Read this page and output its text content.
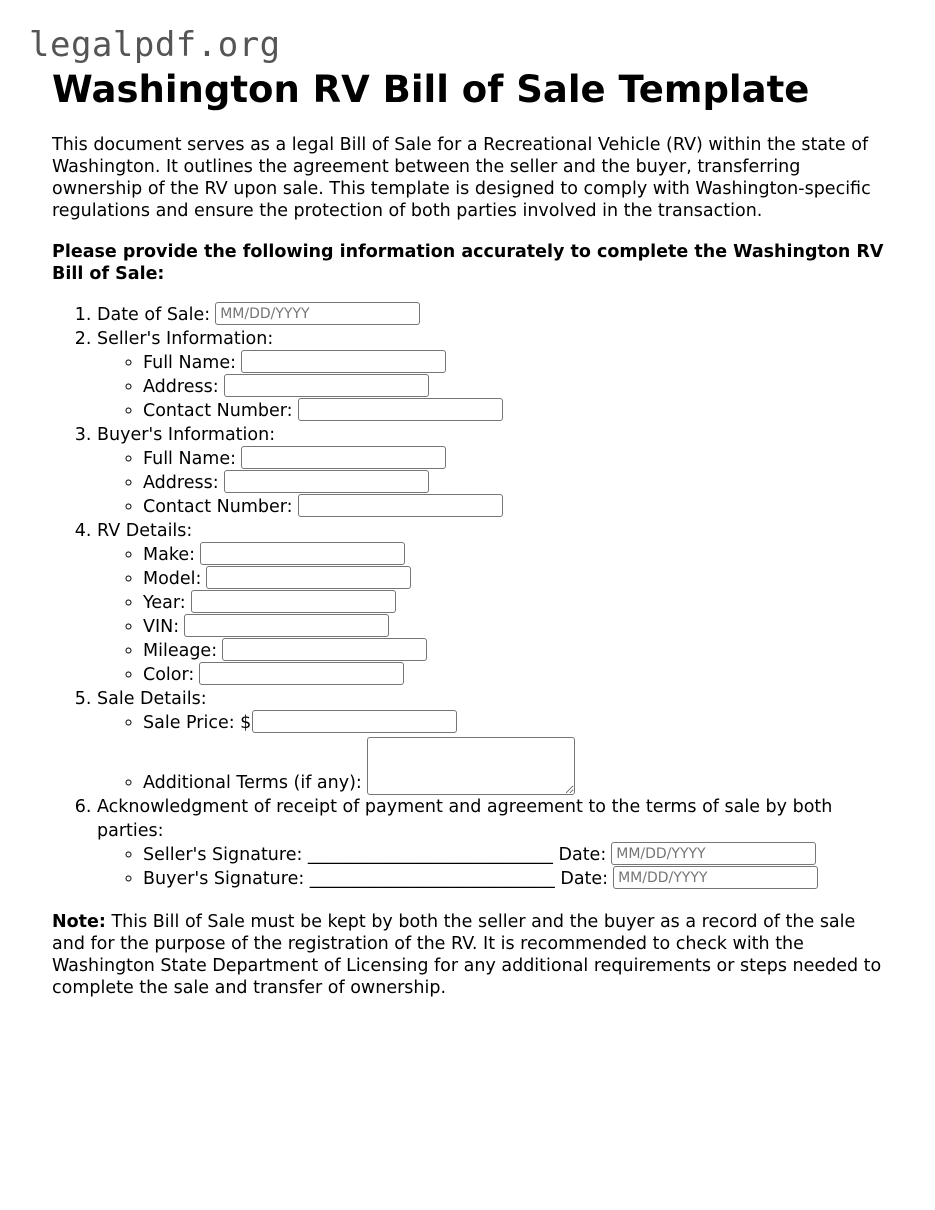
legalpdf.org
Washington RV Bill of Sale Template

This document serves as a legal Bill of Sale for a Recreational Vehicle (RV) within the state of Washington. It outlines the agreement between the seller and the buyer, transferring ownership of the RV upon sale. This template is designed to comply with Washington-specific regulations and ensure the protection of both parties involved in the transaction.

Please provide the following information accurately to complete the Washington RV Bill of Sale:

1. Date of Sale:MM/DD/YYYY
2. Seller's Information:
◦ Full Name:
◦ Address:
◦ Contact Number:
3. Buyer's Information:
◦ Full Name:
◦ Address:
◦ Contact Number:
4. RV Details:
◦ Make:
◦ Model:
◦ Year:
◦ VIN:
◦ Mileage:
◦ Color:
5. Sale Details:
◦ Sale Price: $
◦ Additional Terms (if any):
6. Acknowledgment of receipt of payment and agreement to the terms of sale by both parties:
◦ Seller's Signature: ____________________________ Date:MM/DD/YYYY
◦ Buyer's Signature: ____________________________ Date:MM/DD/YYYY

Note: This Bill of Sale must be kept by both the seller and the buyer as a record of the sale and for the purpose of the registration of the RV. It is recommended to check with the Washington State Department of Licensing for any additional requirements or steps needed to complete the sale and transfer of ownership.
